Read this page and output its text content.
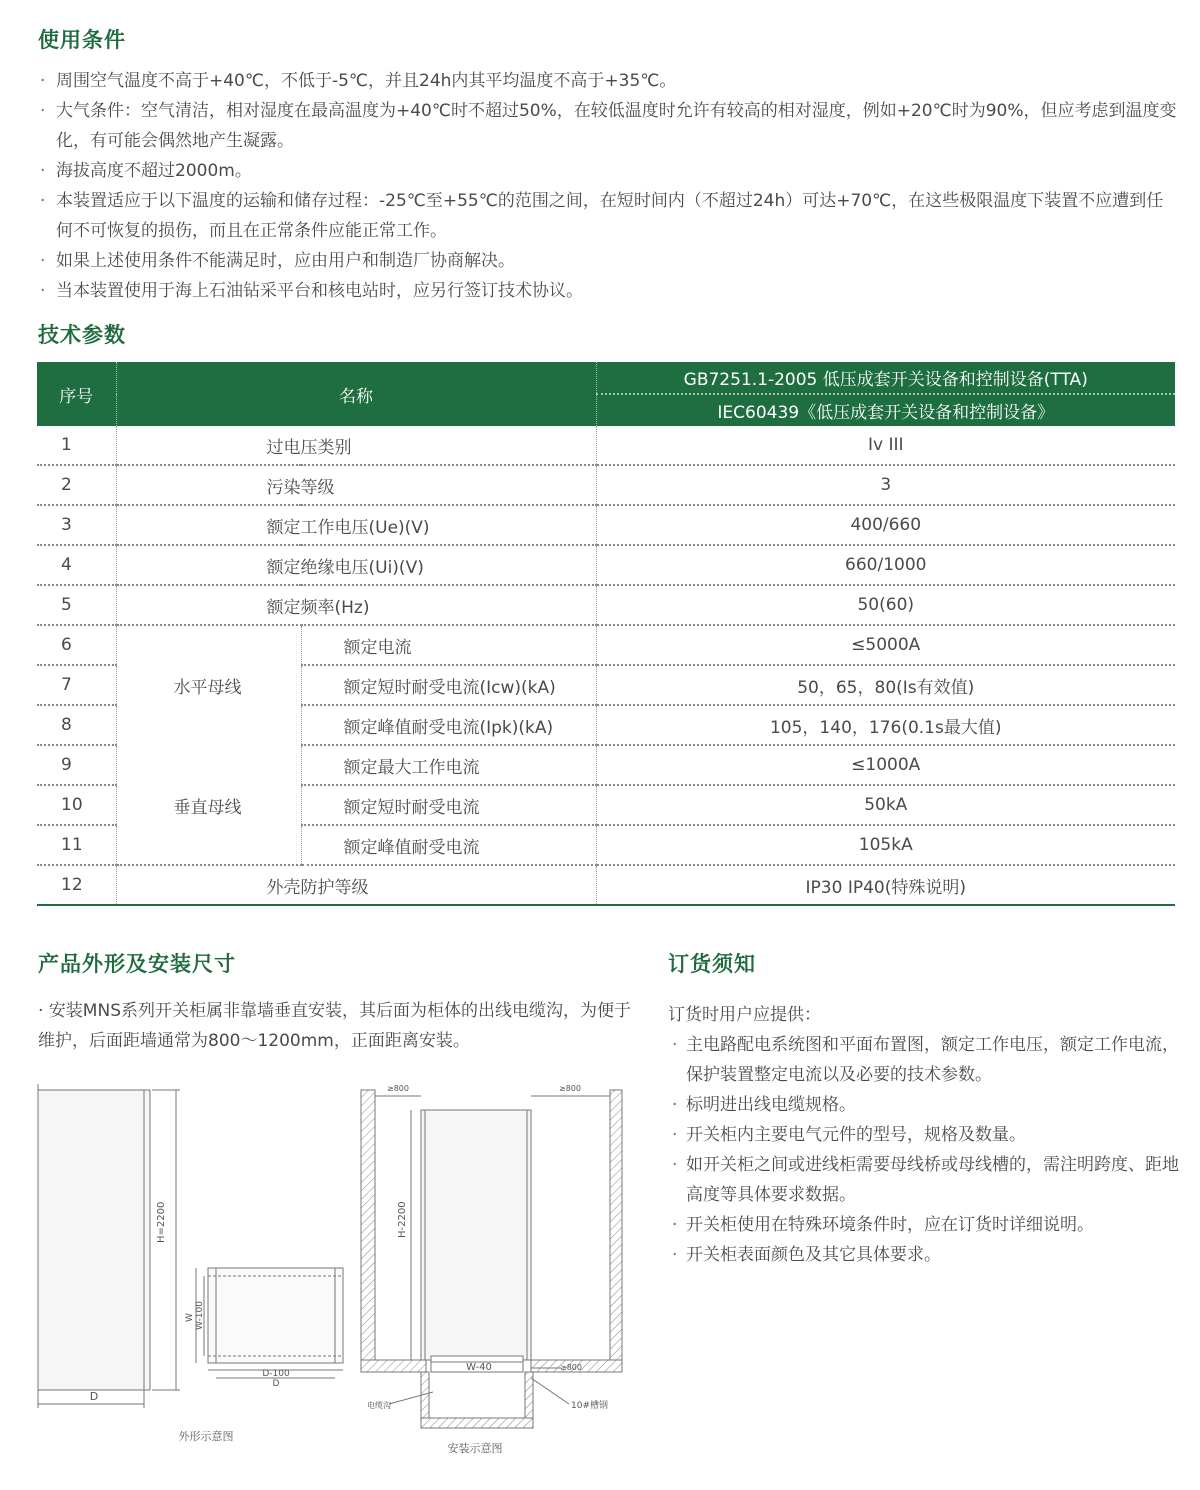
使用条件
· 周围空气温度不高于+40℃，不低于-5℃，并且24h内其平均温度不高于+35℃。
· 大气条件：空气清洁，相对湿度在最高温度为+40℃时不超过50%，在较低温度时允许有较高的相对湿度，例如+20℃时为90%，但应考虑到温度变化，有可能会偶然地产生凝露。
· 海拔高度不超过2000m。
· 本装置适应于以下温度的运输和储存过程：-25℃至+55℃的范围之间，在短时间内（不超过24h）可达+70℃，在这些极限温度下装置不应遭到任何不可恢复的损伤，而且在正常条件应能正常工作。
· 如果上述使用条件不能满足时，应由用户和制造厂协商解决。
· 当本装置使用于海上石油钻采平台和核电站时，应另行签订技术协议。
技术参数
序号	名称		GB7251.1-2005 低压成套开关设备和控制设备(TTA)
			IEC60439《低压成套开关设备和控制设备》
1	过电压类别		Iv III
2	污染等级		3
3	额定工作电压(Ue)(V)		400/660
4	额定绝缘电压(Ui)(V)		660/1000
5	额定频率(Hz)		50(60)
6		额定电流	≤5000A
7	水平母线	额定短时耐受电流(Icw)(kA)	50，65，80(Is有效值)
8		额定峰值耐受电流(Ipk)(kA)	105，140，176(0.1s最大值)
9		额定最大工作电流	≤1000A
10	垂直母线	额定短时耐受电流	50kA
11		额定峰值耐受电流	105kA
12	外壳防护等级		IP30 IP40(特殊说明)
产品外形及安装尺寸

· 安装MNS系列开关柜属非靠墙垂直安装，其后面为柜体的出线电缆沟，为便于维护，后面距墙通常为800～1200mm，正面距离安装。

订货须知
订货时用户应提供：
· 主电路配电系统图和平面布置图，额定工作电压，额定工作电流，保护装置整定电流以及必要的技术参数。
· 标明进出线电缆规格。
· 开关柜内主要电气元件的型号，规格及数量。
· 如开关柜之间或进线柜需要母线桥或母线槽的，需注明跨度、距地高度等具体要求数据。
· 开关柜使用在特殊环境条件时，应在订货时详细说明。
· 开关柜表面颜色及其它具体要求。
H=2200
D
W W-100
D-100
D
外形示意图
≥800	≥800
H-2200
W-40	≥800
电缆沟	10#槽钢
安装示意图
